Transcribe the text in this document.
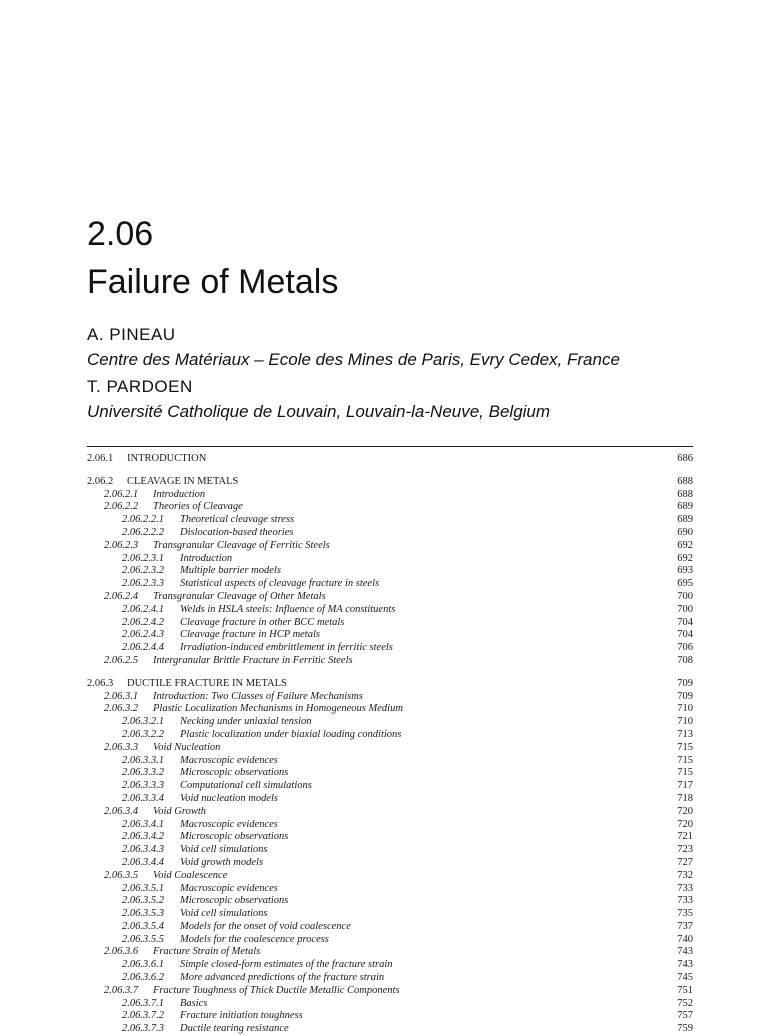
2.06
Failure of Metals
A. PINEAU
Centre des Matériaux – Ecole des Mines de Paris, Evry Cedex, France
T. PARDOEN
Université Catholique de Louvain, Louvain-la-Neuve, Belgium
2.06.1 INTRODUCTION	686
2.06.2 CLEAVAGE IN METALS	688
2.06.2.1 Introduction	688
2.06.2.2 Theories of Cleavage	689
2.06.2.2.1 Theoretical cleavage stress	689
2.06.2.2.2 Dislocation-based theories	690
2.06.2.3 Transgranular Cleavage of Ferritic Steels	692
2.06.2.3.1 Introduction	692
2.06.2.3.2 Multiple barrier models	693
2.06.2.3.3 Statistical aspects of cleavage fracture in steels	695
2.06.2.4 Transgranular Cleavage of Other Metals	700
2.06.2.4.1 Welds in HSLA steels: Influence of MA constituents	700
2.06.2.4.2 Cleavage fracture in other BCC metals	704
2.06.2.4.3 Cleavage fracture in HCP metals	704
2.06.2.4.4 Irradiation-induced embrittlement in ferritic steels	706
2.06.2.5 Intergranular Brittle Fracture in Ferritic Steels	708
2.06.3 DUCTILE FRACTURE IN METALS	709
2.06.3.1 Introduction: Two Classes of Failure Mechanisms	709
2.06.3.2 Plastic Localization Mechanisms in Homogeneous Medium	710
2.06.3.2.1 Necking under uniaxial tension	710
2.06.3.2.2 Plastic localization under biaxial loading conditions	713
2.06.3.3 Void Nucleation	715
2.06.3.3.1 Macroscopic evidences	715
2.06.3.3.2 Microscopic observations	715
2.06.3.3.3 Computational cell simulations	717
2.06.3.3.4 Void nucleation models	718
2.06.3.4 Void Growth	720
2.06.3.4.1 Macroscopic evidences	720
2.06.3.4.2 Microscopic observations	721
2.06.3.4.3 Void cell simulations	723
2.06.3.4.4 Void growth models	727
2.06.3.5 Void Coalescence	732
2.06.3.5.1 Macroscopic evidences	733
2.06.3.5.2 Microscopic observations	733
2.06.3.5.3 Void cell simulations	735
2.06.3.5.4 Models for the onset of void coalescence	737
2.06.3.5.5 Models for the coalescence process	740
2.06.3.6 Fracture Strain of Metals	743
2.06.3.6.1 Simple closed-form estimates of the fracture strain	743
2.06.3.6.2 More advanced predictions of the fracture strain	745
2.06.3.7 Fracture Toughness of Thick Ductile Metallic Components	751
2.06.3.7.1 Basics	752
2.06.3.7.2 Fracture initiation toughness	757
2.06.3.7.3 Ductile tearing resistance	759
